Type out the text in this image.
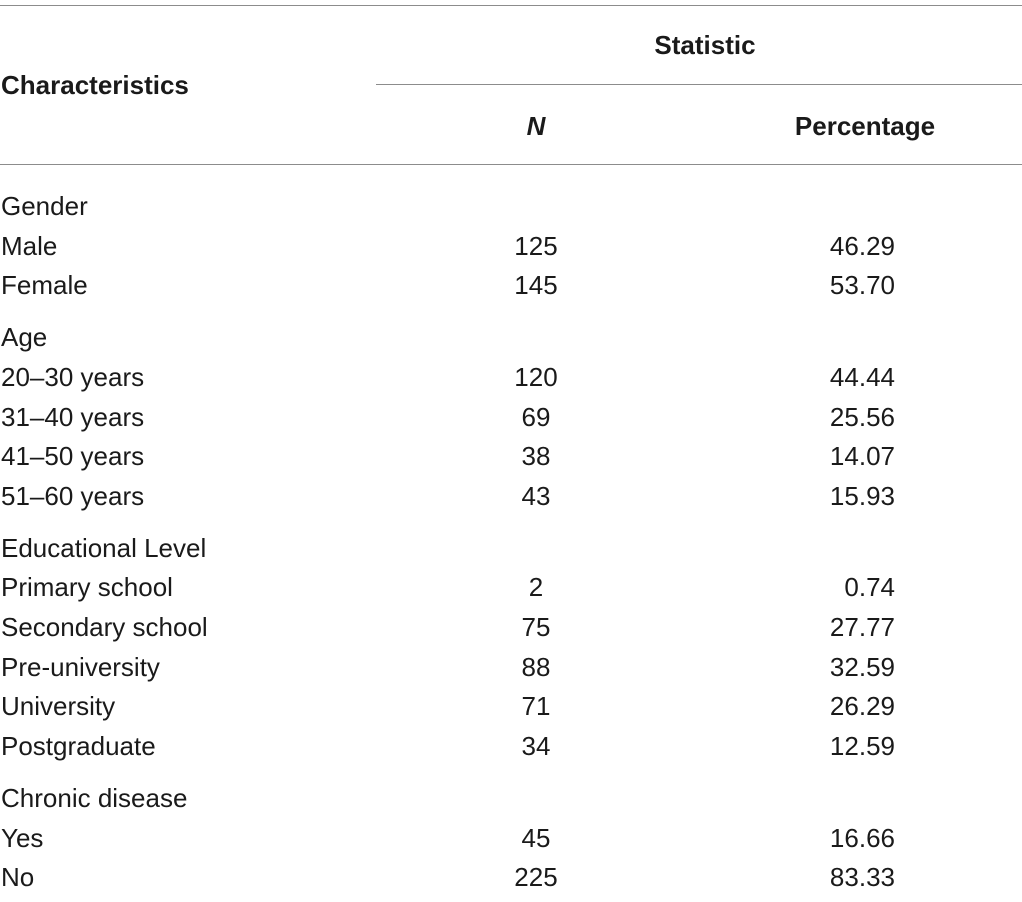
Characteristics
Statistic
N	Percentage
Gender
Male	125	46.29
Female	145	53.70
Age
20–30 years	120	44.44
31–40 years	69	25.56
41–50 years	38	14.07
51–60 years	43	15.93
Educational Level
Primary school	2	0.74
Secondary school	75	27.77
Pre-university	88	32.59
University	71	26.29
Postgraduate	34	12.59
Chronic disease
Yes	45	16.66
No	225	83.33
